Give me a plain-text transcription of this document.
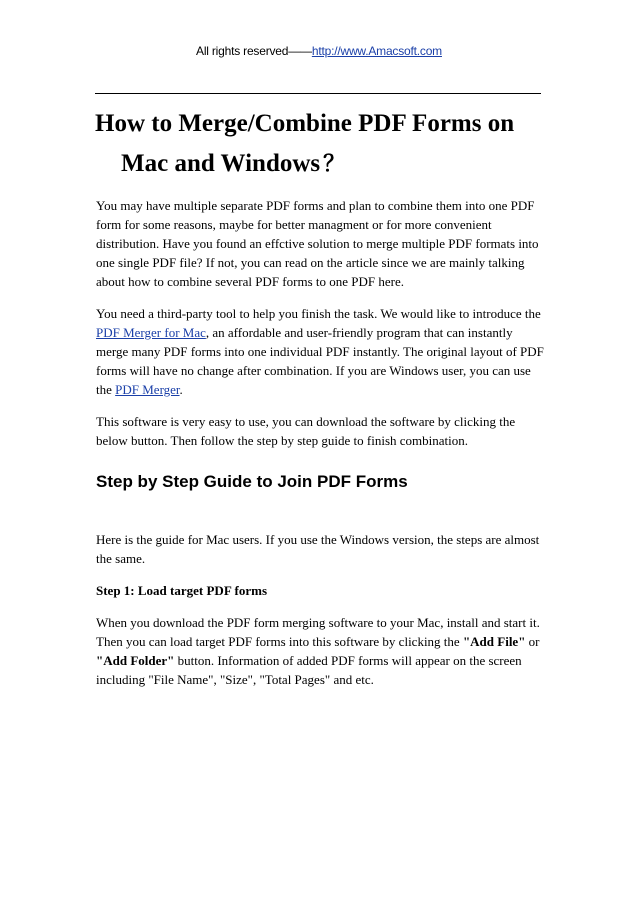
All rights reserved——http://www.Amacsoft.com
How to Merge/Combine PDF Forms on
Mac and Windows ？

You may have multiple separate PDF forms and plan to combine them into one PDF form for some reasons, maybe for better managment or for more convenient distribution. Have you found an effctive solution to merge multiple PDF formats into one single PDF file? If not, you can read on the article since we are mainly talking about how to combine several PDF forms to one PDF here.

You need a third-party tool to help you finish the task. We would like to introduce the PDF Merger for Mac, an affordable and user-friendly program that can instantly merge many PDF forms into one individual PDF instantly. The original layout of PDF forms will have no change after combination. If you are Windows user, you can use the PDF Merger.

This software is very easy to use, you can download the software by clicking the below button. Then follow the step by step guide to finish combination.

Step by Step Guide to Join PDF Forms

Here is the guide for Mac users. If you use the Windows version, the steps are almost the same.

Step 1: Load target PDF forms

When you download the PDF form merging software to your Mac, install and start it. Then you can load target PDF forms into this software by clicking the "Add File" or "Add Folder" button. Information of added PDF forms will appear on the screen including "File Name", "Size", "Total Pages" and etc.
